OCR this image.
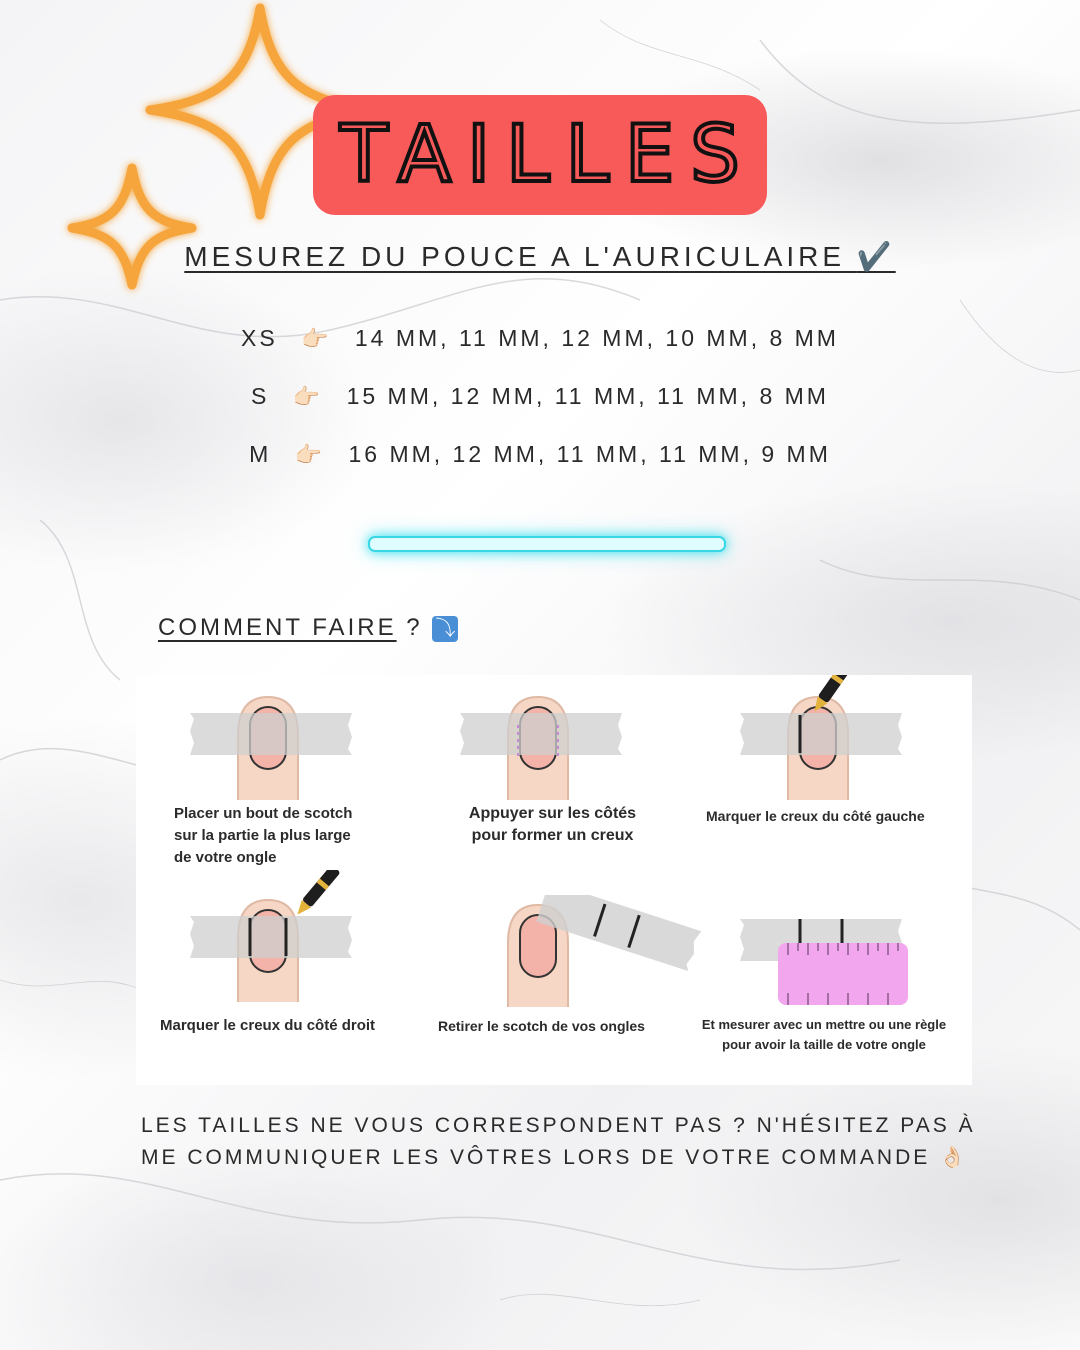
TAILLES
MESUREZ DU POUCE A L'AURICULAIRE ✔️
XS 👉🏻 14 MM, 11 MM, 12 MM, 10 MM, 8 MM
S 👉🏻 15 MM, 12 MM, 11 MM, 11 MM, 8 MM
M 👉🏻 16 MM, 12 MM, 11 MM, 11 MM, 9 MM
COMMENT FAIRE ? ⤵
Placer un bout de scotch
sur la partie la plus large
de votre ongle
Appuyer sur les côtés
pour former un creux
Marquer le creux du côté gauche
Marquer le creux du côté droit	Retirer le scotch de vos ongles	Et mesurer avec un mettre ou une règle
pour avoir la taille de votre ongle
LES TAILLES NE VOUS CORRESPONDENT PAS ? N'HÉSITEZ PAS À
ME COMMUNIQUER LES VÔTRES LORS DE VOTRE COMMANDE 👌🏻
